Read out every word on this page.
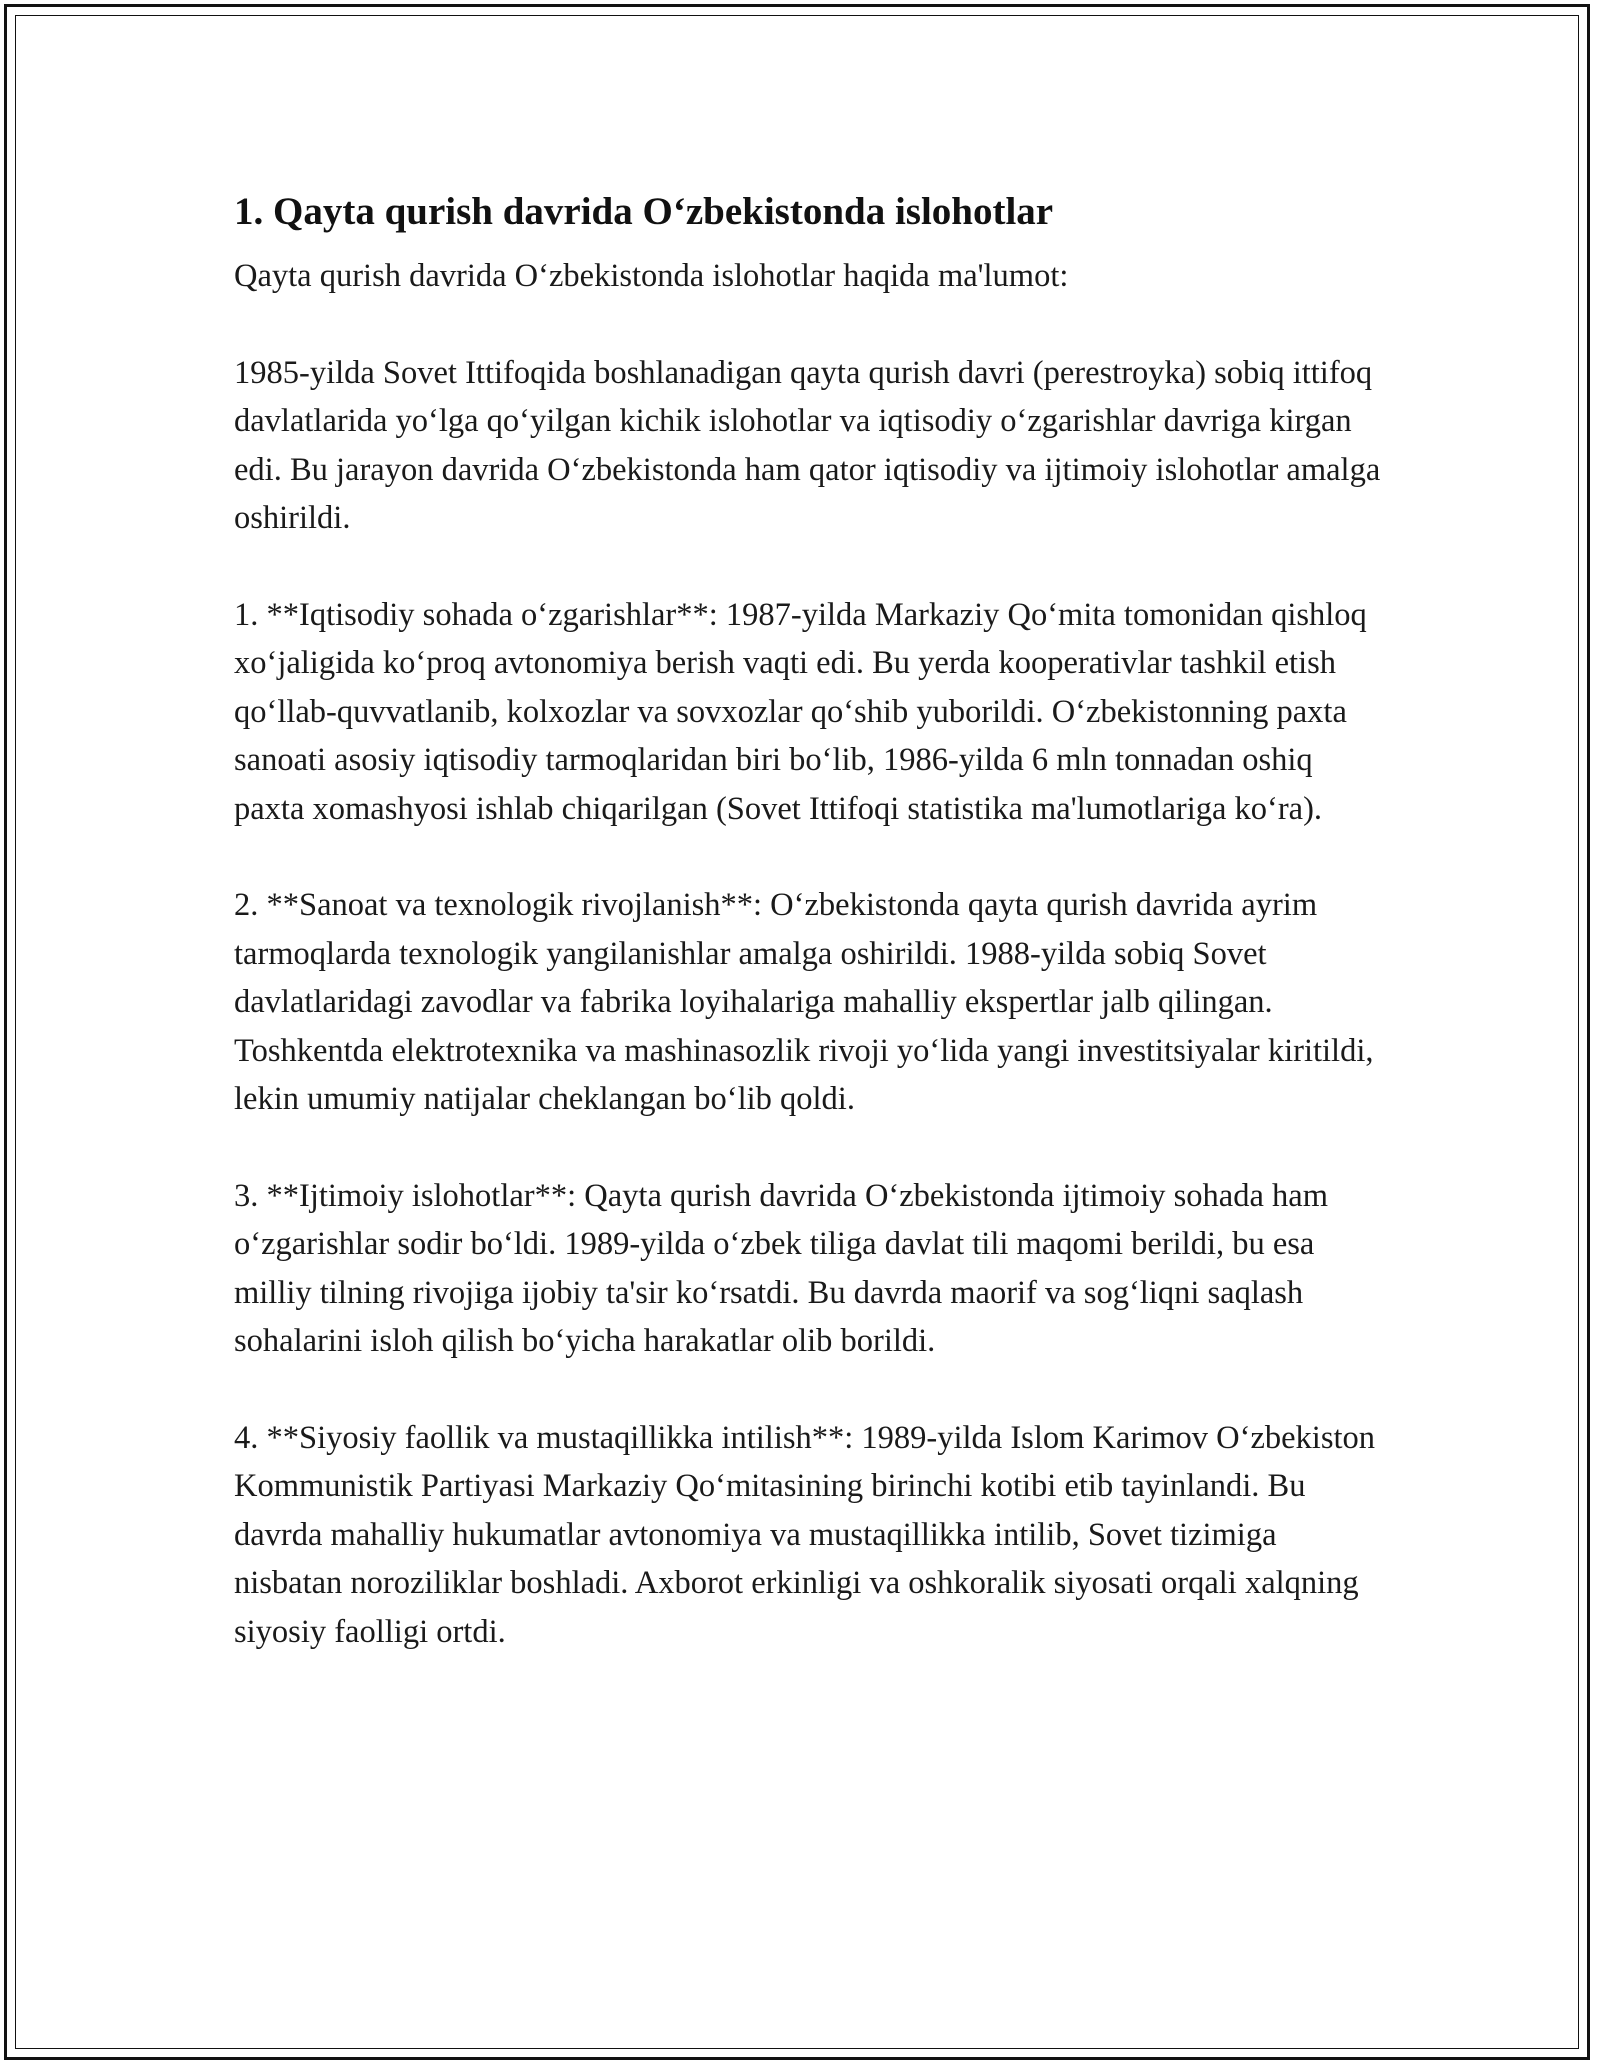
1. Qayta qurish davrida O‘zbekistonda islohotlar

Qayta qurish davrida O‘zbekistonda islohotlar haqida ma'lumot:

1985-yilda Sovet Ittifoqida boshlanadigan qayta qurish davri (perestroyka) sobiq ittifoq davlatlarida yo‘lga qo‘yilgan kichik islohotlar va iqtisodiy o‘zgarishlar davriga kirgan edi. Bu jarayon davrida O‘zbekistonda ham qator iqtisodiy va ijtimoiy islohotlar amalga oshirildi.

1. **Iqtisodiy sohada o‘zgarishlar**: 1987-yilda Markaziy Qo‘mita tomonidan qishloq xo‘jaligida ko‘proq avtonomiya berish vaqti edi. Bu yerda kooperativlar tashkil etish qo‘llab-quvvatlanib, kolxozlar va sovxozlar qo‘shib yuborildi. O‘zbekistonning paxta sanoati asosiy iqtisodiy tarmoqlaridan biri bo‘lib, 1986-yilda 6 mln tonnadan oshiq paxta xomashyosi ishlab chiqarilgan (Sovet Ittifoqi statistika ma'lumotlariga ko‘ra).

2. **Sanoat va texnologik rivojlanish**: O‘zbekistonda qayta qurish davrida ayrim tarmoqlarda texnologik yangilanishlar amalga oshirildi. 1988-yilda sobiq Sovet davlatlaridagi zavodlar va fabrika loyihalariga mahalliy ekspertlar jalb qilingan. Toshkentda elektrotexnika va mashinasozlik rivoji yo‘lida yangi investitsiyalar kiritildi, lekin umumiy natijalar cheklangan bo‘lib qoldi.

3. **Ijtimoiy islohotlar**: Qayta qurish davrida O‘zbekistonda ijtimoiy sohada ham o‘zgarishlar sodir bo‘ldi. 1989-yilda o‘zbek tiliga davlat tili maqomi berildi, bu esa milliy tilning rivojiga ijobiy ta'sir ko‘rsatdi. Bu davrda maorif va sog‘liqni saqlash sohalarini isloh qilish bo‘yicha harakatlar olib borildi.

4. **Siyosiy faollik va mustaqillikka intilish**: 1989-yilda Islom Karimov O‘zbekiston Kommunistik Partiyasi Markaziy Qo‘mitasining birinchi kotibi etib tayinlandi. Bu davrda mahalliy hukumatlar avtonomiya va mustaqillikka intilib, Sovet tizimiga nisbatan noroziliklar boshladi. Axborot erkinligi va oshkoralik siyosati orqali xalqning siyosiy faolligi ortdi.
